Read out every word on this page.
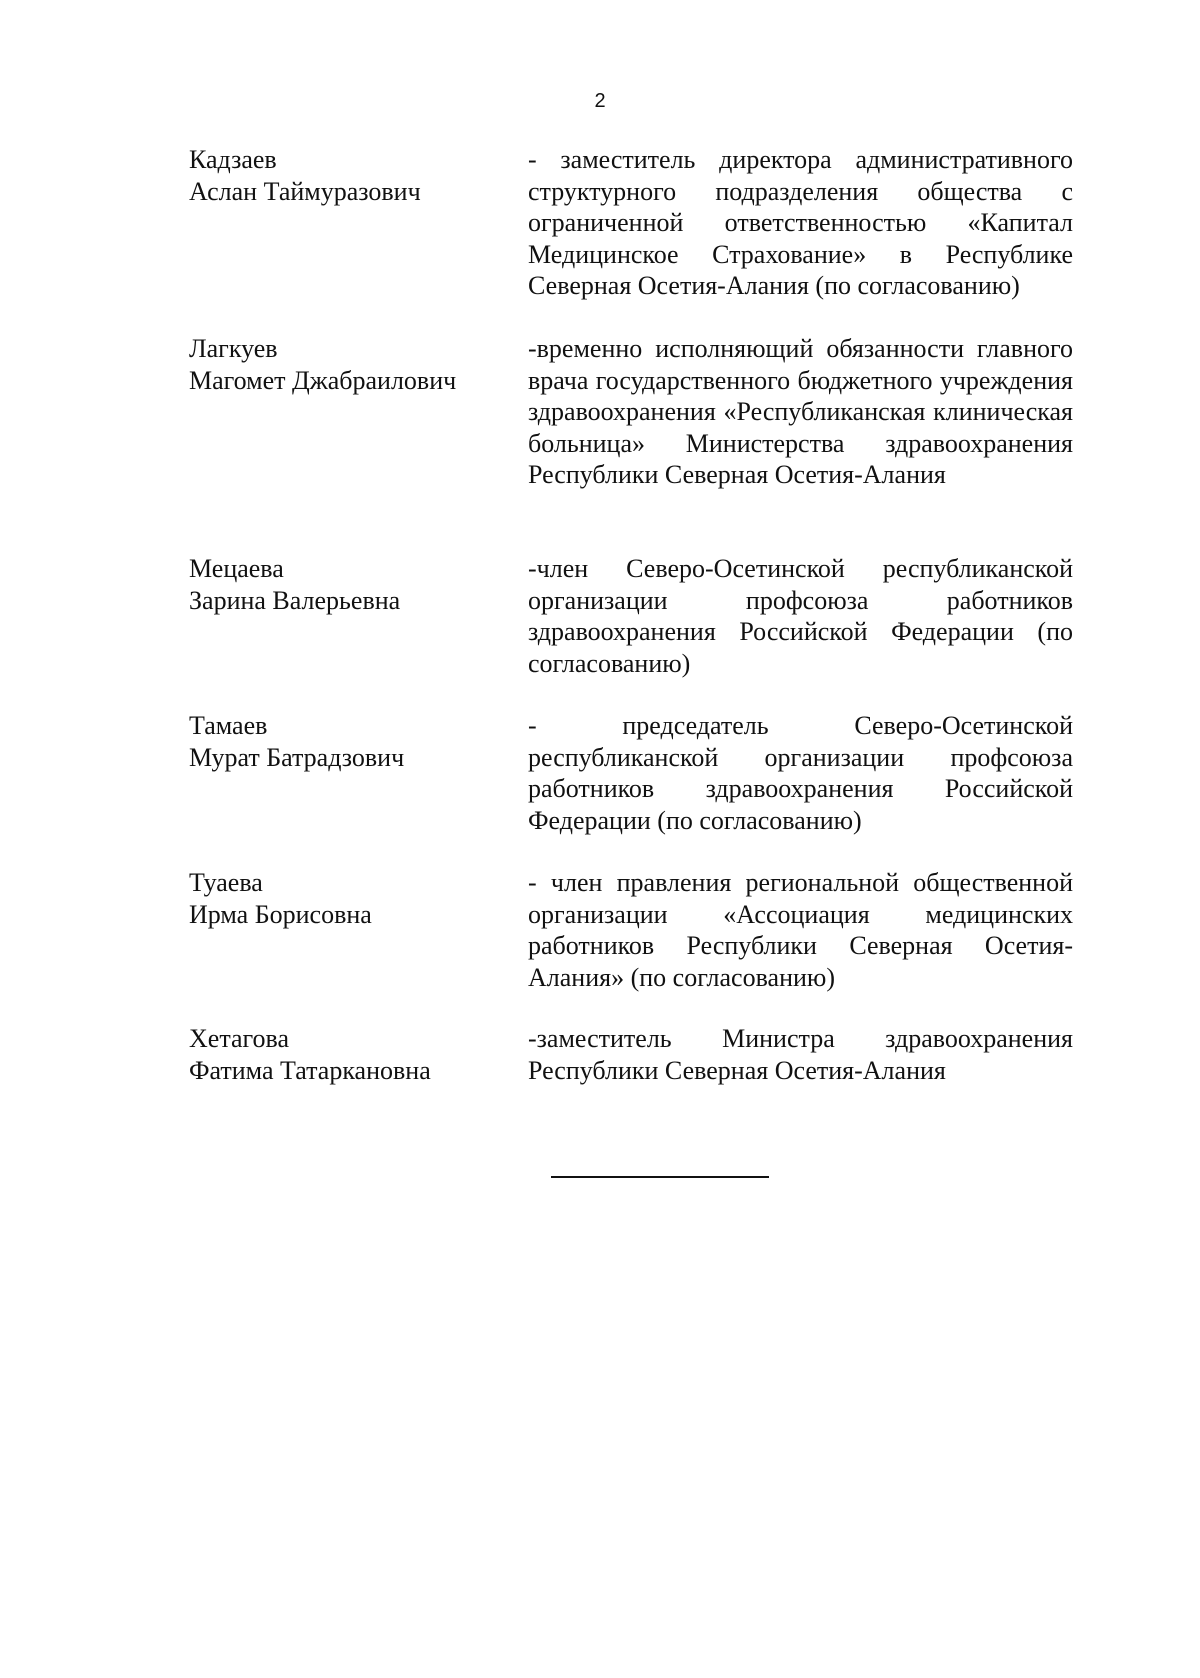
2
Кадзаев
Аслан Таймуразович
- заместитель директора административного структурного подразделения общества с ограниченной ответственностью «Капитал Медицинское Страхование» в Республике Северная Осетия-Алания (по согласованию)
Лагкуев
Магомет Джабраилович
-временно исполняющий обязанности главного врача государственного бюджетного учреждения здравоохранения «Республиканская клиническая больница» Министерства здравоохранения Республики Северная Осетия-Алания
Мецаева
Зарина Валерьевна
-член Северо-Осетинской республиканской организации профсоюза работников здравоохранения Российской Федерации (по согласованию)
Тамаев
Мурат Батрадзович
- председатель Северо-Осетинской республиканской организации профсоюза работников здравоохранения Российской Федерации (по согласованию)
Туаева
Ирма Борисовна
- член правления региональной общественной организации «Ассоциация медицинских работников Республики Северная Осетия-Алания» (по согласованию)
Хетагова
Фатима Татаркановна
-заместитель Министра здравоохранения Республики Северная Осетия-Алания
